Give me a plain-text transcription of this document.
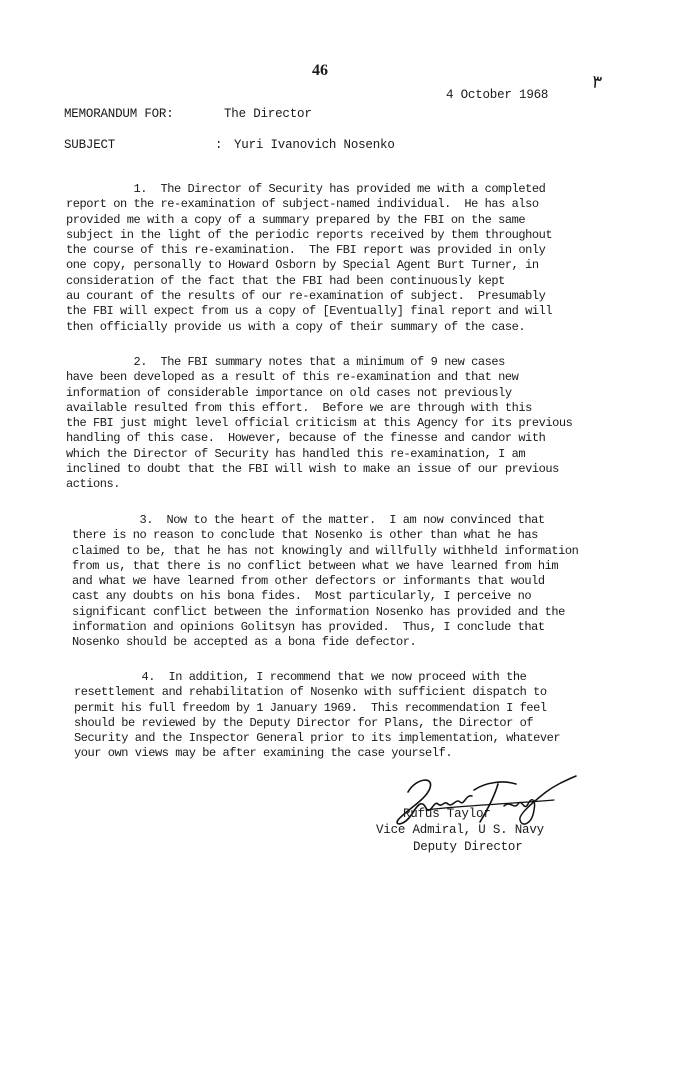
46
٣
4 October 1968
MEMORANDUM FOR:	The Director
SUBJECT	: Yuri Ivanovich Nosenko

1.  The Director of Security has provided me with a completed
report on the re-examination of subject-named individual.  He has also
provided me with a copy of a summary prepared by the FBI on the same
subject in the light of the periodic reports received by them throughout
the course of this re-examination.  The FBI report was provided in only
one copy, personally to Howard Osborn by Special Agent Burt Turner, in
consideration of the fact that the FBI had been continuously kept
au courant of the results of our re-examination of subject.  Presumably
the FBI will expect from us a copy of [Eventually] final report and will
then officially provide us with a copy of their summary of the case.

2.  The FBI summary notes that a minimum of 9 new cases
have been developed as a result of this re-examination and that new
information of considerable importance on old cases not previously
available resulted from this effort.  Before we are through with this
the FBI just might level official criticism at this Agency for its previous
handling of this case.  However, because of the finesse and candor with
which the Director of Security has handled this re-examination, I am
inclined to doubt that the FBI will wish to make an issue of our previous
actions.

3.  Now to the heart of the matter.  I am now convinced that
there is no reason to conclude that Nosenko is other than what he has
claimed to be, that he has not knowingly and willfully withheld information
from us, that there is no conflict between what we have learned from him
and what we have learned from other defectors or informants that would
cast any doubts on his bona fides.  Most particularly, I perceive no
significant conflict between the information Nosenko has provided and the
information and opinions Golitsyn has provided.  Thus, I conclude that
Nosenko should be accepted as a bona fide defector.

4.  In addition, I recommend that we now proceed with the
resettlement and rehabilitation of Nosenko with sufficient dispatch to
permit his full freedom by 1 January 1969.  This recommendation I feel
should be reviewed by the Deputy Director for Plans, the Director of
Security and the Inspector General prior to its implementation, whatever
your own views may be after examining the case yourself.

Rufus Taylor
Vice Admiral, U S. Navy
Deputy Director
